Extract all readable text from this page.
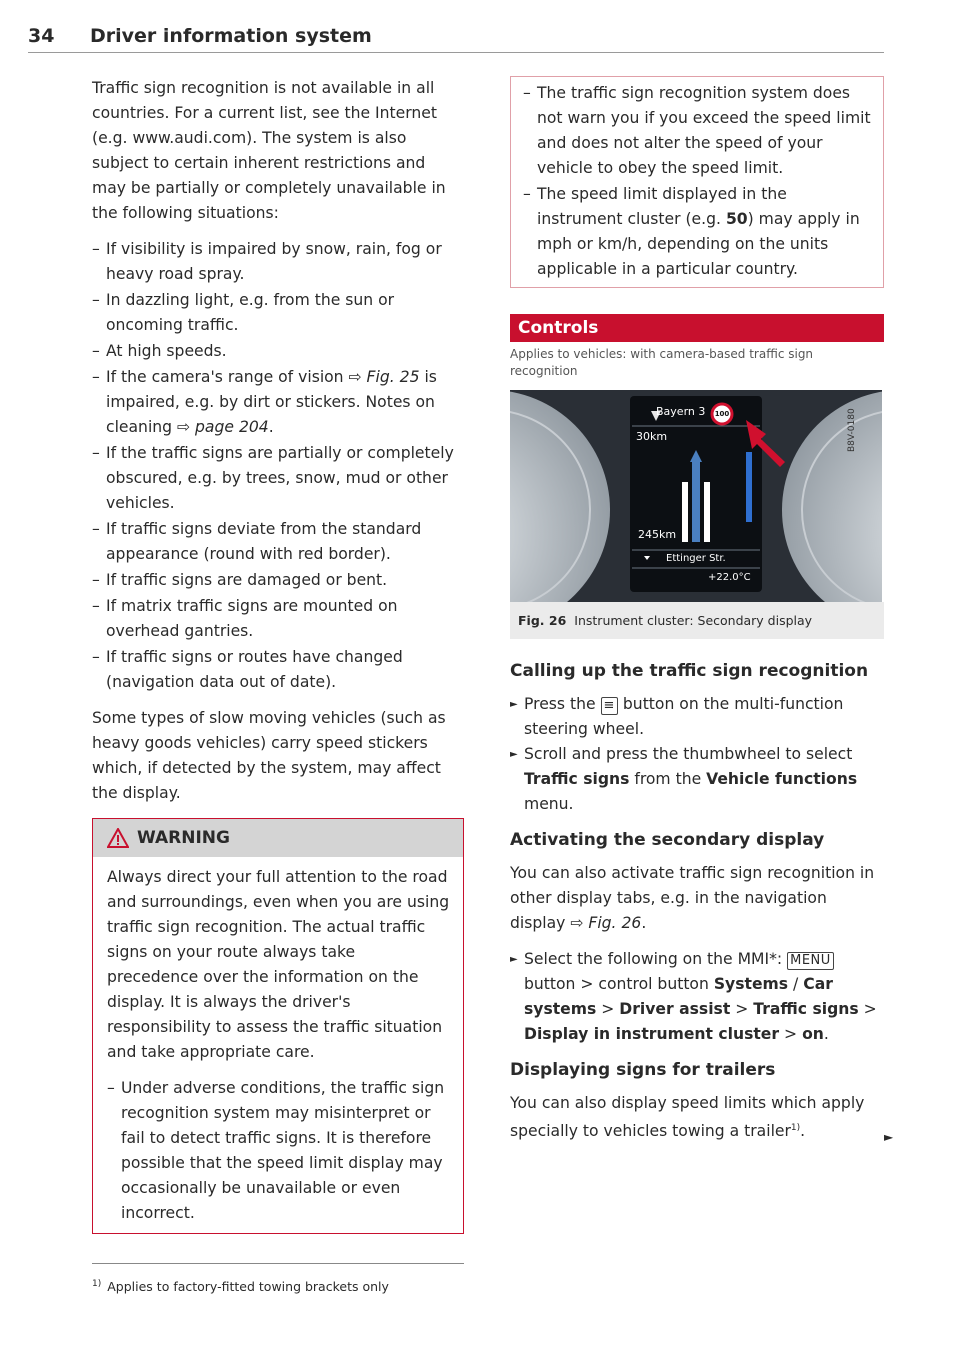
34 Driver information system

Traffic sign recognition is not available in all countries. For a current list, see the Internet (e.g. www.audi.com). The system is also subject to certain inherent restrictions and may be partially or completely unavailable in the following situations:

– If visibility is impaired by snow, rain, fog or heavy road spray.
– In dazzling light, e.g. from the sun or oncoming traffic.
– At high speeds.
– If the camera's range of vision ⇨ Fig. 25 is impaired, e.g. by dirt or stickers. Notes on cleaning ⇨ page 204.
– If the traffic signs are partially or completely obscured, e.g. by trees, snow, mud or other vehicles.
– If traffic signs deviate from the standard appearance (round with red border).
– If traffic signs are damaged or bent.
– If matrix traffic signs are mounted on overhead gantries.
– If traffic signs or routes have changed (navigation data out of date).

Some types of slow moving vehicles (such as heavy goods vehicles) carry speed stickers which, if detected by the system, may affect the display.

WARNING

Always direct your full attention to the road and surroundings, even when you are using traffic sign recognition. The actual traffic signs on your route always take precedence over the information on the display. It is always the driver's responsibility to assess the traffic situation and take appropriate care.

– Under adverse conditions, the traffic sign recognition system may misinterpret or fail to detect traffic signs. It is therefore possible that the speed limit display may occasionally be unavailable or even incorrect.
– The traffic sign recognition system does not warn you if you exceed the speed limit and does not alter the speed of your vehicle to obey the speed limit.
– The speed limit displayed in the instrument cluster (e.g. 50) may apply in mph or km/h, depending on the units applicable in a particular country.
Controls
Applies to vehicles: with camera-based traffic sign recognition
Bayern 3 100
30km
245km
Ettinger Str.
+22.0°C
B8V-0180
Fig. 26 Instrument cluster: Secondary display
Calling up the traffic sign recognition
► Press the ≡ button on the multi-function steering wheel.
► Scroll and press the thumbwheel to select Traffic signs from the Vehicle functions menu.
Activating the secondary display

You can also activate traffic sign recognition in other display tabs, e.g. in the navigation display ⇨ Fig. 26.

► Select the following on the MMI*: MENU button > control button Systems / Car systems > Driver assist > Traffic signs > Display in instrument cluster > on.
Displaying signs for trailers

You can also display speed limits which apply specially to vehicles towing a trailer$^{1)}$.	►
$^{1)}$ Applies to factory-fitted towing brackets only
